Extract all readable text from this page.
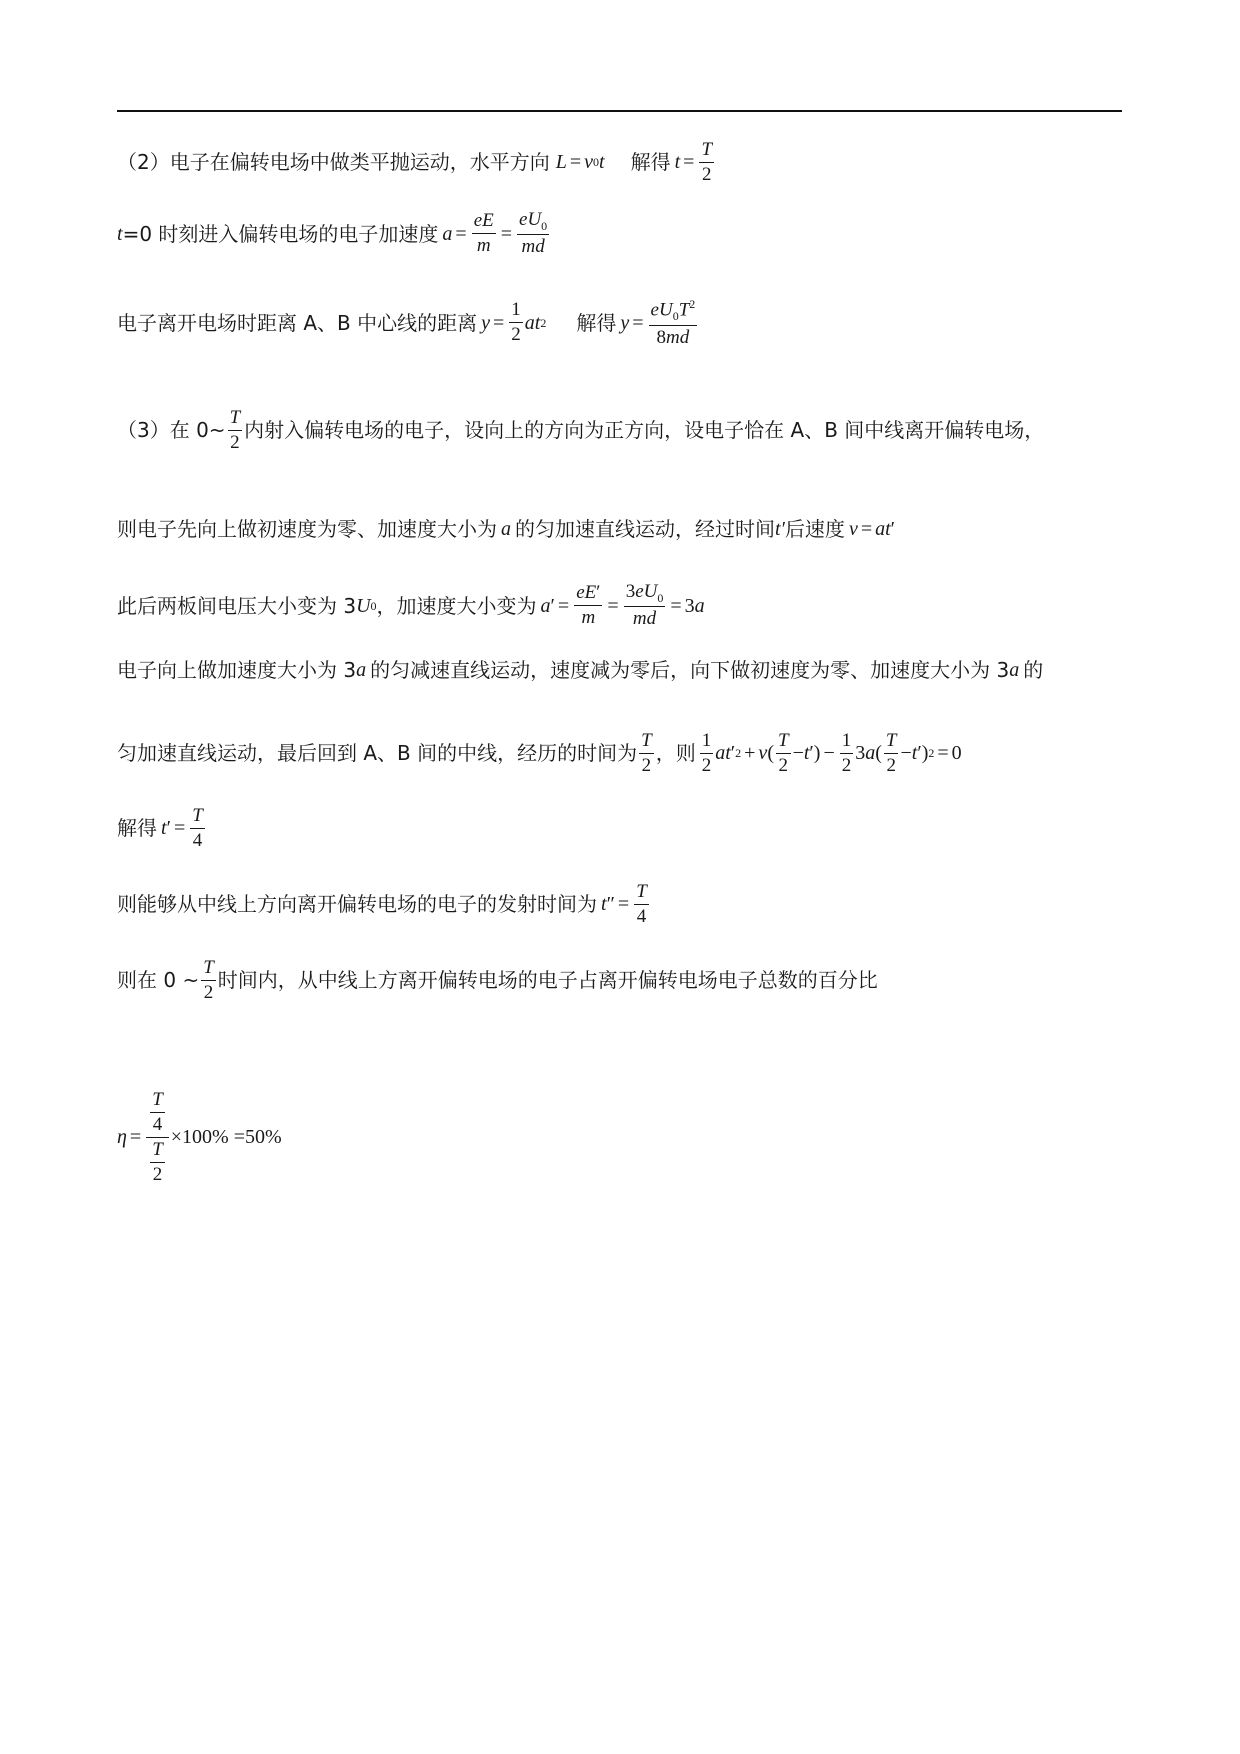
（2）电子在偏转电场中做类平抛运动，水平方向 L = v 0 t 解得 $t = \frac{T}{2}$
t =0 时刻进入偏转电场的电子加速度 $a = \frac{eE}{m} = \frac{eU_0}{md}$
电子离开电场时距离 A、B 中心线的距离 $y = \frac{1}{2}$ at 2 解得 $y = \frac{eU_0T^2}{8md}$
（3）在 0~ $\frac{T}{2}$ 内射入偏转电场的电子，设向上的方向为正方向，设电子恰在 A、B 间中线离开偏转电场，
则电子先向上做初速度为零、加速度大小为 a 的匀加速直线运动，经过时间 t′ 后速度 v = at ′
此后两板间电压大小变为 3 U 0 ，加速度大小变为 a ′ = $\frac{eE'}{m} = \frac{3eU_0}{md} = 3$ a
电子向上做加速度大小为 3 a 的匀减速直线运动，速度减为零后，向下做初速度为零、加速度大小为 3 a 的
匀加速直线运动，最后回到 A、B 间的中线，经历的时间为 $\frac{T}{2}$ ，则 $\frac{1}{2}$ at ′ 2 + v ( $\frac{T}{2} - t$ ′) − $\frac{1}{2} 3$ a ( $\frac{T}{2} - t$ ′) 2 = 0
解得 t ′ = $\frac{T}{4}$
则能够从中线上方向离开偏转电场的电子的发射时间为 t ″ = $\frac{T}{4}$
则在 0 ~ $\frac{T}{2}$ 时间内，从中线上方离开偏转电场的电子占离开偏转电场电子总数的百分比
$\eta = \frac{\frac{T}{4}}{\frac{T}{2}} \times 100\% =50\%$
